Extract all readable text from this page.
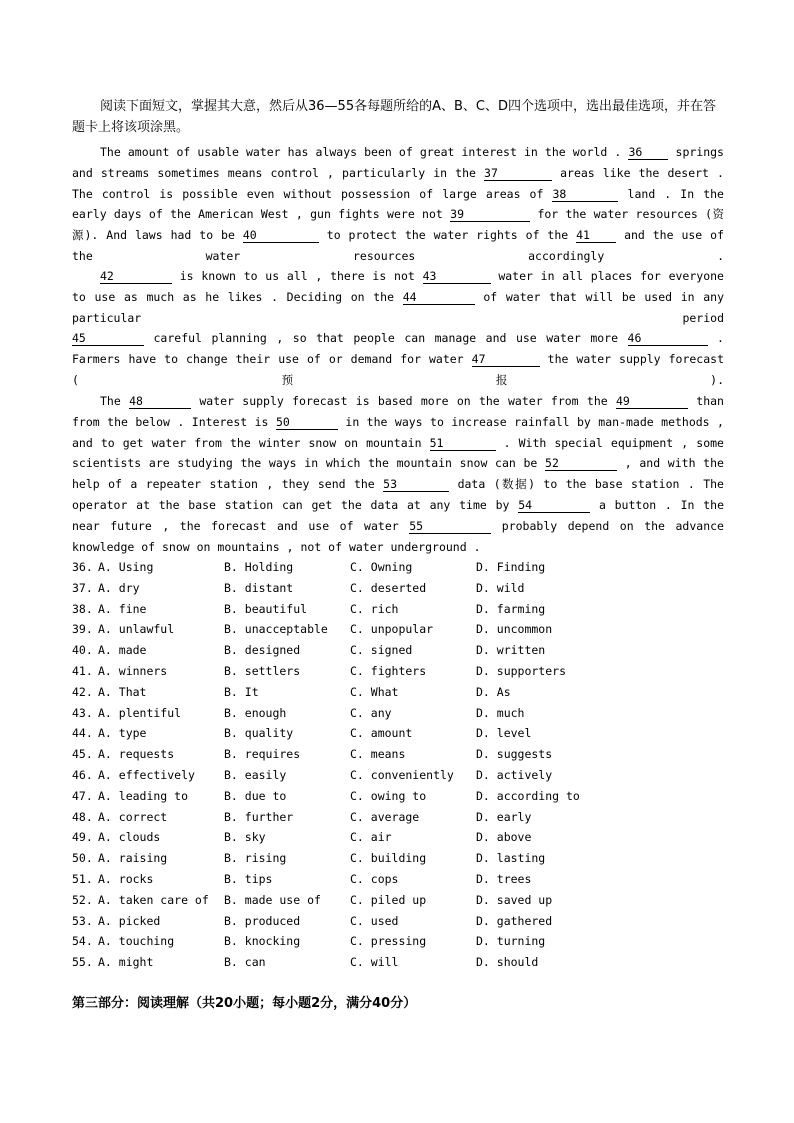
阅读下面短文，掌握其大意，然后从36—55各每题所给的A、B、C、D四个选项中，选出最佳选项，并在答题卡上将该项涂黑。

The amount of usable water has always been of great interest in the world . 36	springs and streams sometimes means control , particularly in the 37	areas like the desert . The control is possible even without possession of large areas of 38	land . In the early days of the American West , gun fights were not 39	for the water resources (资源). And laws had to be 40	to protect the water rights of the 41	and the use of the water resources accordingly .

42	is known to us all , there is not 43	water in all places for everyone to use as much as he likes . Deciding on the 44	of water that will be used in any particular period
45	careful planning , so that people can manage and use water more 46	. Farmers have to change their use of or demand for water 47	the water supply forecast (预报).

The 48	water supply forecast is based more on the water from the 49	than from the below . Interest is 50	in the ways to increase rainfall by man-made methods , and to get water from the winter snow on mountain 51	. With special equipment , some scientists are studying the ways in which the mountain snow can be 52	, and with the help of a repeater station , they send the 53	data (数据) to the base station . The operator at the base station can get the data at any time by 54	a button . In the near future , the forecast and use of water 55	probably depend on the advance knowledge of snow on mountains , not of water underground .

36. A. Using	B. Holding	C. Owning	D. Finding
37. A. dry	B. distant	C. deserted	D. wild
38. A. fine	B. beautiful	C. rich	D. farming
39. A. unlawful	B. unacceptable C. unpopular	D. uncommon
40. A. made	B. designed	C. signed	D. written
41. A. winners	B. settlers	C. fighters	D. supporters
42. A. That	B. It	C. What	D. As
43. A. plentiful	B. enough	C. any	D. much
44. A. type	B. quality	C. amount	D. level
45. A. requests	B. requires	C. means	D. suggests
46. A. effectively	B. easily	C. conveniently D. actively
47. A. leading to	B. due to	C. owing to	D. according to
48. A. correct	B. further	C. average	D. early
49. A. clouds	B. sky	C. air	D. above
50. A. raising	B. rising	C. building	D. lasting
51. A. rocks	B. tips	C. cops	D. trees
52. A. taken care of B. made use of	C. piled up	D. saved up
53. A. picked	B. produced	C. used	D. gathered
54. A. touching	B. knocking	C. pressing	D. turning
55. A. might	B. can	C. will	D. should

第三部分：阅读理解（共20小题；每小题2分，满分40分）
